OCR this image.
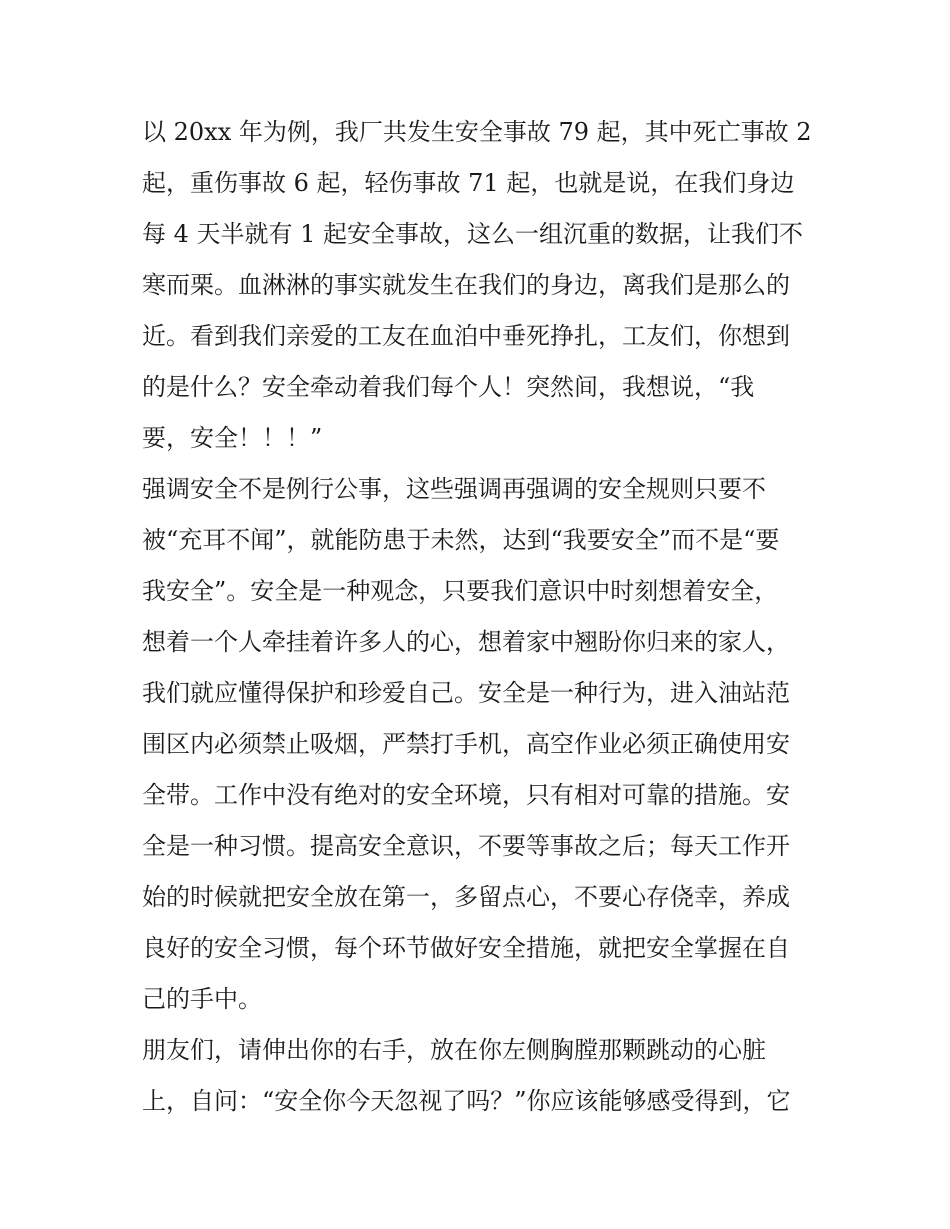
以 20xx 年为例，我厂共发生安全事故 79 起，其中死亡事故 2
起，重伤事故 6 起，轻伤事故 71 起，也就是说，在我们身边
每 4 天半就有 1 起安全事故，这么一组沉重的数据，让我们不
寒而栗。血淋淋的事实就发生在我们的身边，离我们是那么的
近。看到我们亲爱的工友在血泊中垂死挣扎，工友们，你想到
的是什么？安全牵动着我们每个人！突然间，我想说，“我
要，安全！！！”
强调安全不是例行公事，这些强调再强调的安全规则只要不
被“充耳不闻”，就能防患于未然，达到“我要安全”而不是“要
我安全”。安全是一种观念，只要我们意识中时刻想着安全，
想着一个人牵挂着许多人的心，想着家中翘盼你归来的家人，
我们就应懂得保护和珍爱自己。安全是一种行为，进入油站范
围区内必须禁止吸烟，严禁打手机，高空作业必须正确使用安
全带。工作中没有绝对的安全环境，只有相对可靠的措施。安
全是一种习惯。提高安全意识，不要等事故之后；每天工作开
始的时候就把安全放在第一，多留点心，不要心存侥幸，养成
良好的安全习惯，每个环节做好安全措施，就把安全掌握在自
己的手中。
朋友们，请伸出你的右手，放在你左侧胸膛那颗跳动的心脏
上，自问：“安全你今天忽视了吗？”你应该能够感受得到，它
